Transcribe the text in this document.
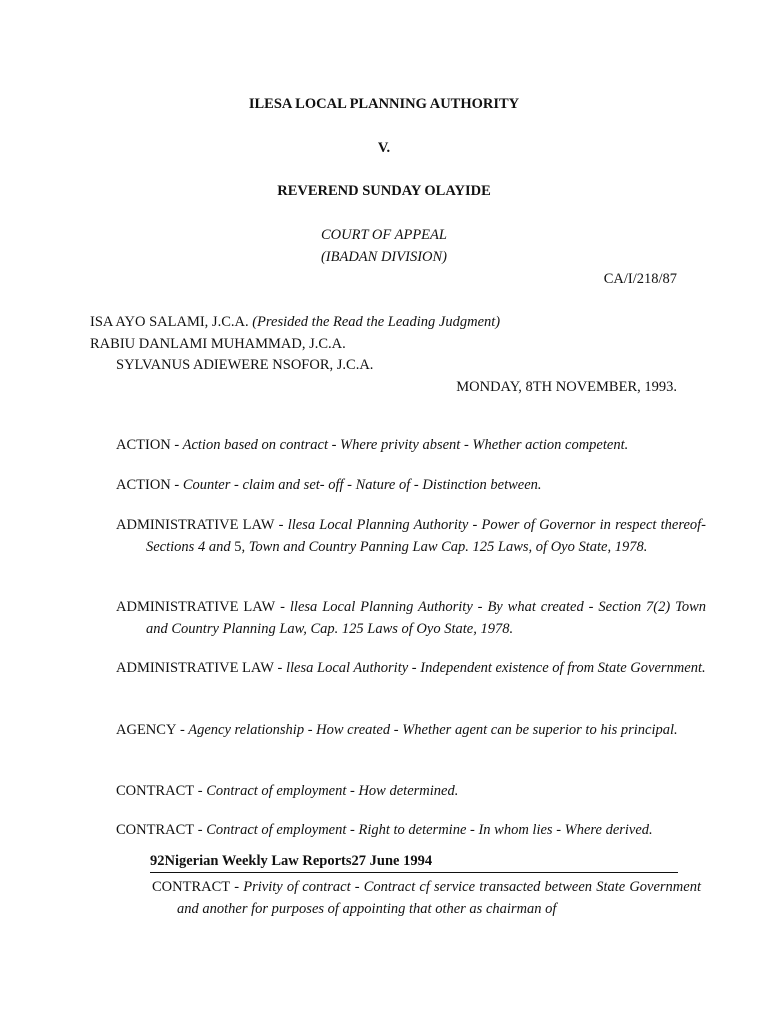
ILESA LOCAL PLANNING AUTHORITY
V.
REVEREND SUNDAY OLAYIDE
COURT OF APPEAL
(IBADAN DIVISION)
CA/I/218/87
ISA AYO SALAMI, J.C.A. (Presided the Read the Leading Judgment)
RABIU DANLAMI MUHAMMAD, J.C.A.
SYLVANUS ADIEWERE NSOFOR, J.C.A.
MONDAY, 8TH NOVEMBER, 1993.
ACTION - Action based on contract - Where privity absent - Whether action competent.
ACTION - Counter - claim and set- off - Nature of - Distinction between.
ADMINISTRATIVE LAW - llesa Local Planning Authority - Power of Governor in respect thereof- Sections 4 and 5, Town and Country Panning Law Cap. 125 Laws, of Oyo State, 1978.
ADMINISTRATIVE LAW - llesa Local Planning Authority - By what created - Section 7(2) Town and Country Planning Law, Cap. 125 Laws of Oyo State, 1978.
ADMINISTRATIVE LAW - llesa Local Authority - Independent existence of from State Government.
AGENCY - Agency relationship - How created - Whether agent can be superior to his principal.
CONTRACT - Contract of employment - How determined.
CONTRACT - Contract of employment - Right to determine - In whom lies - Where derived.
92Nigerian Weekly Law Reports27 June 1994
CONTRACT - Privity of contract - Contract cf service transacted between State Government and another for purposes of appointing that other as chairman of
